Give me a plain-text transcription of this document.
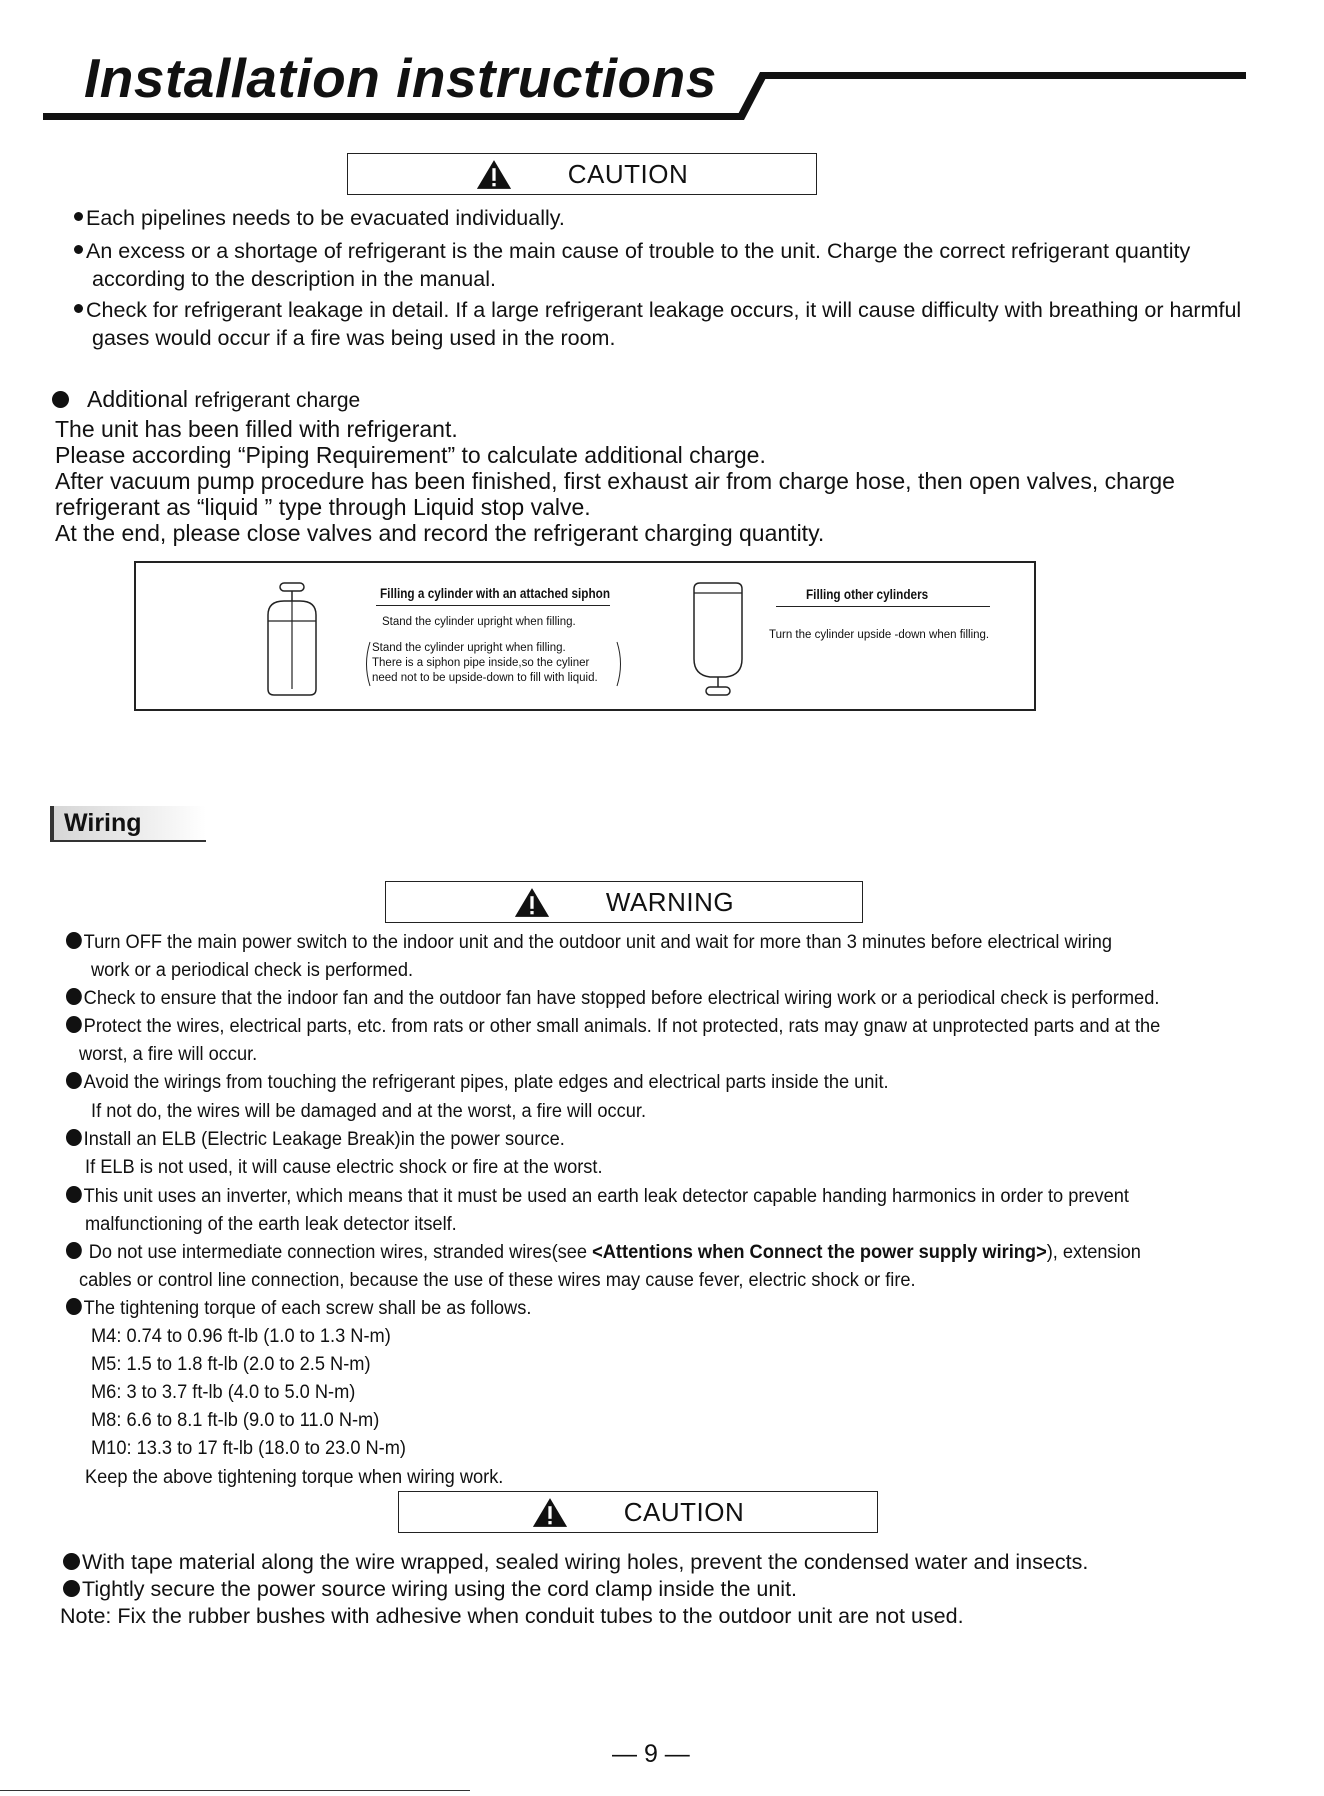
Installation instructions
CAUTION
Each pipelines needs to be evacuated individually.
An excess or a shortage of refrigerant is the main cause of trouble to the unit. Charge the correct refrigerant quantity
according to the description in the manual.
Check for refrigerant leakage in detail. If a large refrigerant leakage occurs, it will cause difficulty with breathing or harmful
gases would occur if a fire was being used in the room.
Additional refrigerant charge
The unit has been filled with refrigerant.
Please according “Piping Requirement” to calculate additional charge.
After vacuum pump procedure has been finished, first exhaust air from charge hose, then open valves, charge
refrigerant as “liquid ” type through Liquid stop valve.
At the end, please close valves and record the refrigerant charging quantity.
Filling a cylinder with an attached siphon
Stand the cylinder upright when filling.
Stand the cylinder upright when filling.
There is a siphon pipe inside,so the cyliner
need not to be upside-down to fill with liquid.
Filling other cylinders
Turn the cylinder upside -down when filling.
Wiring
WARNING
Turn OFF the main power switch to the indoor unit and the outdoor unit and wait for more than 3 minutes before electrical wiring
work or a periodical check is performed.
Check to ensure that the indoor fan and the outdoor fan have stopped before electrical wiring work or a periodical check is performed.
Protect the wires, electrical parts, etc. from rats or other small animals. If not protected, rats may gnaw at unprotected parts and at the
worst, a fire will occur.
Avoid the wirings from touching the refrigerant pipes, plate edges and electrical parts inside the unit.
If not do, the wires will be damaged and at the worst, a fire will occur.
Install an ELB (Electric Leakage Break)in the power source.
If ELB is not used, it will cause electric shock or fire at the worst.
This unit uses an inverter, which means that it must be used an earth leak detector capable handing harmonics in order to prevent
malfunctioning of the earth leak detector itself.
Do not use intermediate connection wires, stranded wires(see <Attentions when Connect the power supply wiring>), extension
cables or control line connection, because the use of these wires may cause fever, electric shock or fire.
The tightening torque of each screw shall be as follows.
M4: 0.74 to 0.96 ft-lb (1.0 to 1.3 N-m)
M5: 1.5 to 1.8 ft-lb (2.0 to 2.5 N-m)
M6: 3 to 3.7 ft-lb (4.0 to 5.0 N-m)
M8: 6.6 to 8.1 ft-lb (9.0 to 11.0 N-m)
M10: 13.3 to 17 ft-lb (18.0 to 23.0 N-m)
Keep the above tightening torque when wiring work.
CAUTION
With tape material along the wire wrapped, sealed wiring holes, prevent the condensed water and insects.
Tightly secure the power source wiring using the cord clamp inside the unit.
Note: Fix the rubber bushes with adhesive when conduit tubes to the outdoor unit are not used.
— 9 —
